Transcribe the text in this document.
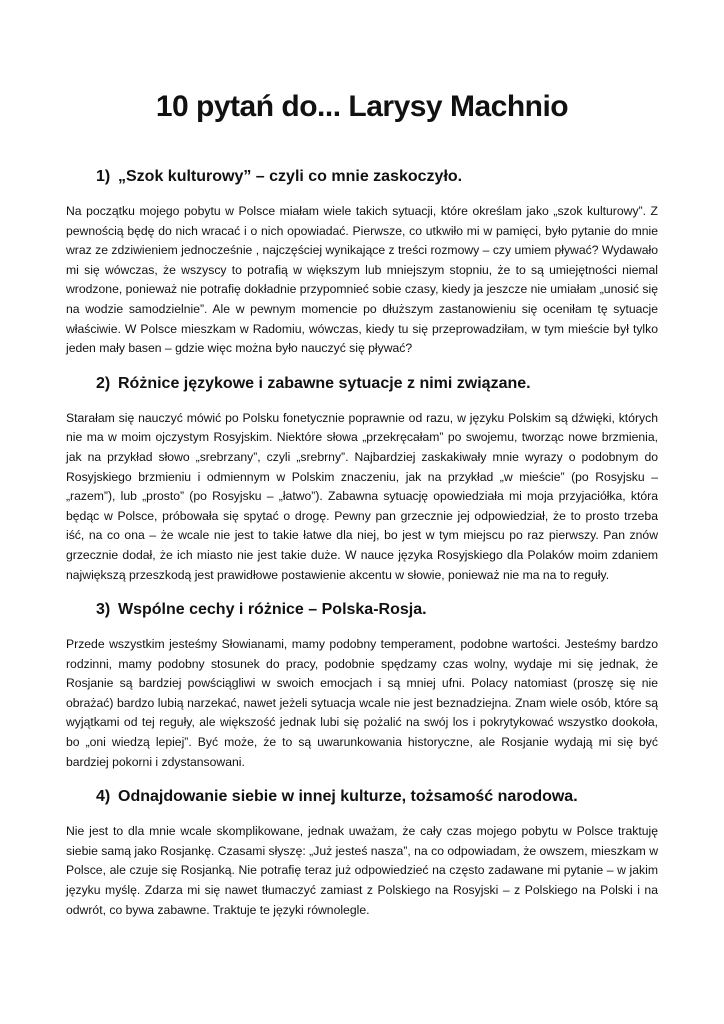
10 pytań do... Larysy Machnio
1) „Szok kulturowy” – czyli co mnie zaskoczyło.

Na początku mojego pobytu w Polsce miałam wiele takich sytuacji, które określam jako „szok kulturowy”. Z pewnością będę do nich wracać i o nich opowiadać. Pierwsze, co utkwiło mi w pamięci, było pytanie do mnie wraz ze zdziwieniem jednocześnie , najczęściej wynikające z treści rozmowy – czy umiem pływać? Wydawało mi się wówczas, że wszyscy to potrafią w większym lub mniejszym stopniu, że to są umiejętności niemal wrodzone, ponieważ nie potrafię dokładnie przypomnieć sobie czasy, kiedy ja jeszcze nie umiałam „unosić się na wodzie samodzielnie”. Ale w pewnym momencie po dłuższym zastanowieniu się oceniłam tę sytuacje właściwie. W Polsce mieszkam w Radomiu, wówczas, kiedy tu się przeprowadziłam, w tym mieście był tylko jeden mały basen – gdzie więc można było nauczyć się pływać?

2) Różnice językowe i zabawne sytuacje z nimi związane.

Starałam się nauczyć mówić po Polsku fonetycznie poprawnie od razu, w języku Polskim są dźwięki, których nie ma w moim ojczystym Rosyjskim. Niektóre słowa „przekręcałam” po swojemu, tworząc nowe brzmienia, jak na przykład słowo „srebrzany”, czyli „srebrny”. Najbardziej zaskakiwały mnie wyrazy o podobnym do Rosyjskiego brzmieniu i odmiennym w Polskim znaczeniu, jak na przykład „w mieście” (po Rosyjsku – „razem”), lub „prosto” (po Rosyjsku – „łatwo”). Zabawna sytuację opowiedziała mi moja przyjaciółka, która będąc w Polsce, próbowała się spytać o drogę. Pewny pan grzecznie jej odpowiedział, że to prosto trzeba iść, na co ona – że wcale nie jest to takie łatwe dla niej, bo jest w tym miejscu po raz pierwszy. Pan znów grzecznie dodał, że ich miasto nie jest takie duże. W nauce języka Rosyjskiego dla Polaków moim zdaniem największą przeszkodą jest prawidłowe postawienie akcentu w słowie, ponieważ nie ma na to reguły.

3) Wspólne cechy i różnice – Polska-Rosja.

Przede wszystkim jesteśmy Słowianami, mamy podobny temperament, podobne wartości. Jesteśmy bardzo rodzinni, mamy podobny stosunek do pracy, podobnie spędzamy czas wolny, wydaje mi się jednak, że Rosjanie są bardziej powściągliwi w swoich emocjach i są mniej ufni. Polacy natomiast (proszę się nie obrażać) bardzo lubią narzekać, nawet jeżeli sytuacja wcale nie jest beznadziejna. Znam wiele osób, które są wyjątkami od tej reguły, ale większość jednak lubi się pożalić na swój los i pokrytykować wszystko dookoła, bo „oni wiedzą lepiej”. Być może, że to są uwarunkowania historyczne, ale Rosjanie wydają mi się być bardziej pokorni i zdystansowani.

4) Odnajdowanie siebie w innej kulturze, tożsamość narodowa.

Nie jest to dla mnie wcale skomplikowane, jednak uważam, że cały czas mojego pobytu w Polsce traktuję siebie samą jako Rosjankę. Czasami słyszę: „Już jesteś nasza”, na co odpowiadam, że owszem, mieszkam w Polsce, ale czuje się Rosjanką. Nie potrafię teraz już odpowiedzieć na często zadawane mi pytanie – w jakim języku myślę. Zdarza mi się nawet tłumaczyć zamiast z Polskiego na Rosyjski – z Polskiego na Polski i na odwrót, co bywa zabawne. Traktuje te języki równolegle.
